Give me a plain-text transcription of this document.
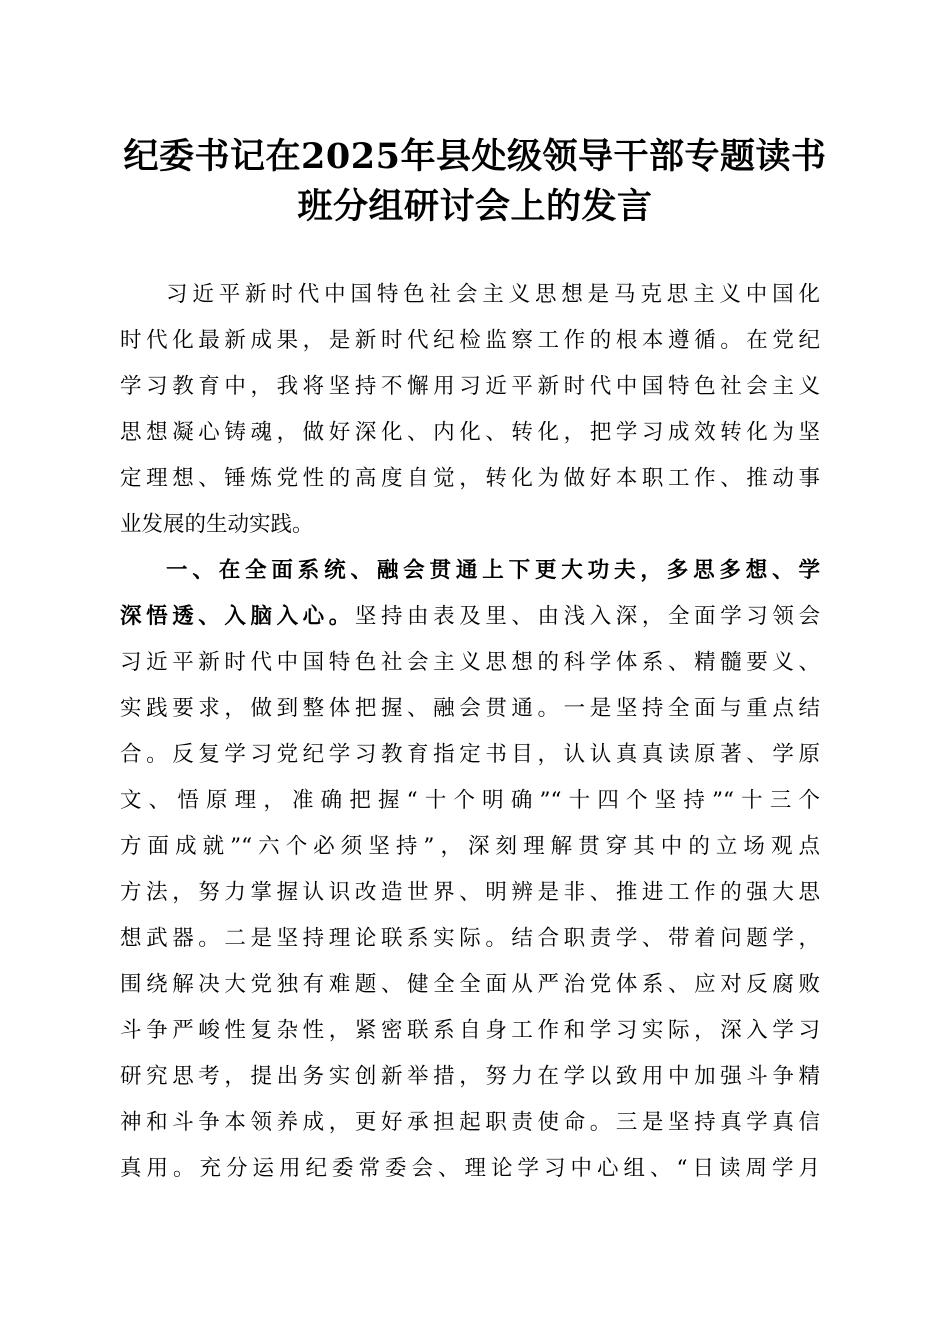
纪委书记在2025年县处级领导干部专题读书
班分组研讨会上的发言
习近平新时代中国特色社会主义思想是马克思主义中国化
时代化最新成果，是新时代纪检监察工作的根本遵循。在党纪
学习教育中，我将坚持不懈用习近平新时代中国特色社会主义
思想凝心铸魂，做好深化、内化、转化，把学习成效转化为坚
定理想、锤炼党性的高度自觉，转化为做好本职工作、推动事
业发展的生动实践。
一、在全面系统、融会贯通上下更大功夫，多思多想、学
深悟透、入脑入心。坚持由表及里、由浅入深，全面学习领会
习近平新时代中国特色社会主义思想的科学体系、精髓要义、
实践要求，做到整体把握、融会贯通。一是坚持全面与重点结
合。反复学习党纪学习教育指定书目，认认真真读原著、学原
文、悟原理，准确把握“十个明确”“十四个坚持”“十三个
方面成就”“六个必须坚持”，深刻理解贯穿其中的立场观点
方法，努力掌握认识改造世界、明辨是非、推进工作的强大思
想武器。二是坚持理论联系实际。结合职责学、带着问题学，
围绕解决大党独有难题、健全全面从严治党体系、应对反腐败
斗争严峻性复杂性，紧密联系自身工作和学习实际，深入学习
研究思考，提出务实创新举措，努力在学以致用中加强斗争精
神和斗争本领养成，更好承担起职责使命。三是坚持真学真信
真用。充分运用纪委常委会、理论学习中心组、“日读周学月
